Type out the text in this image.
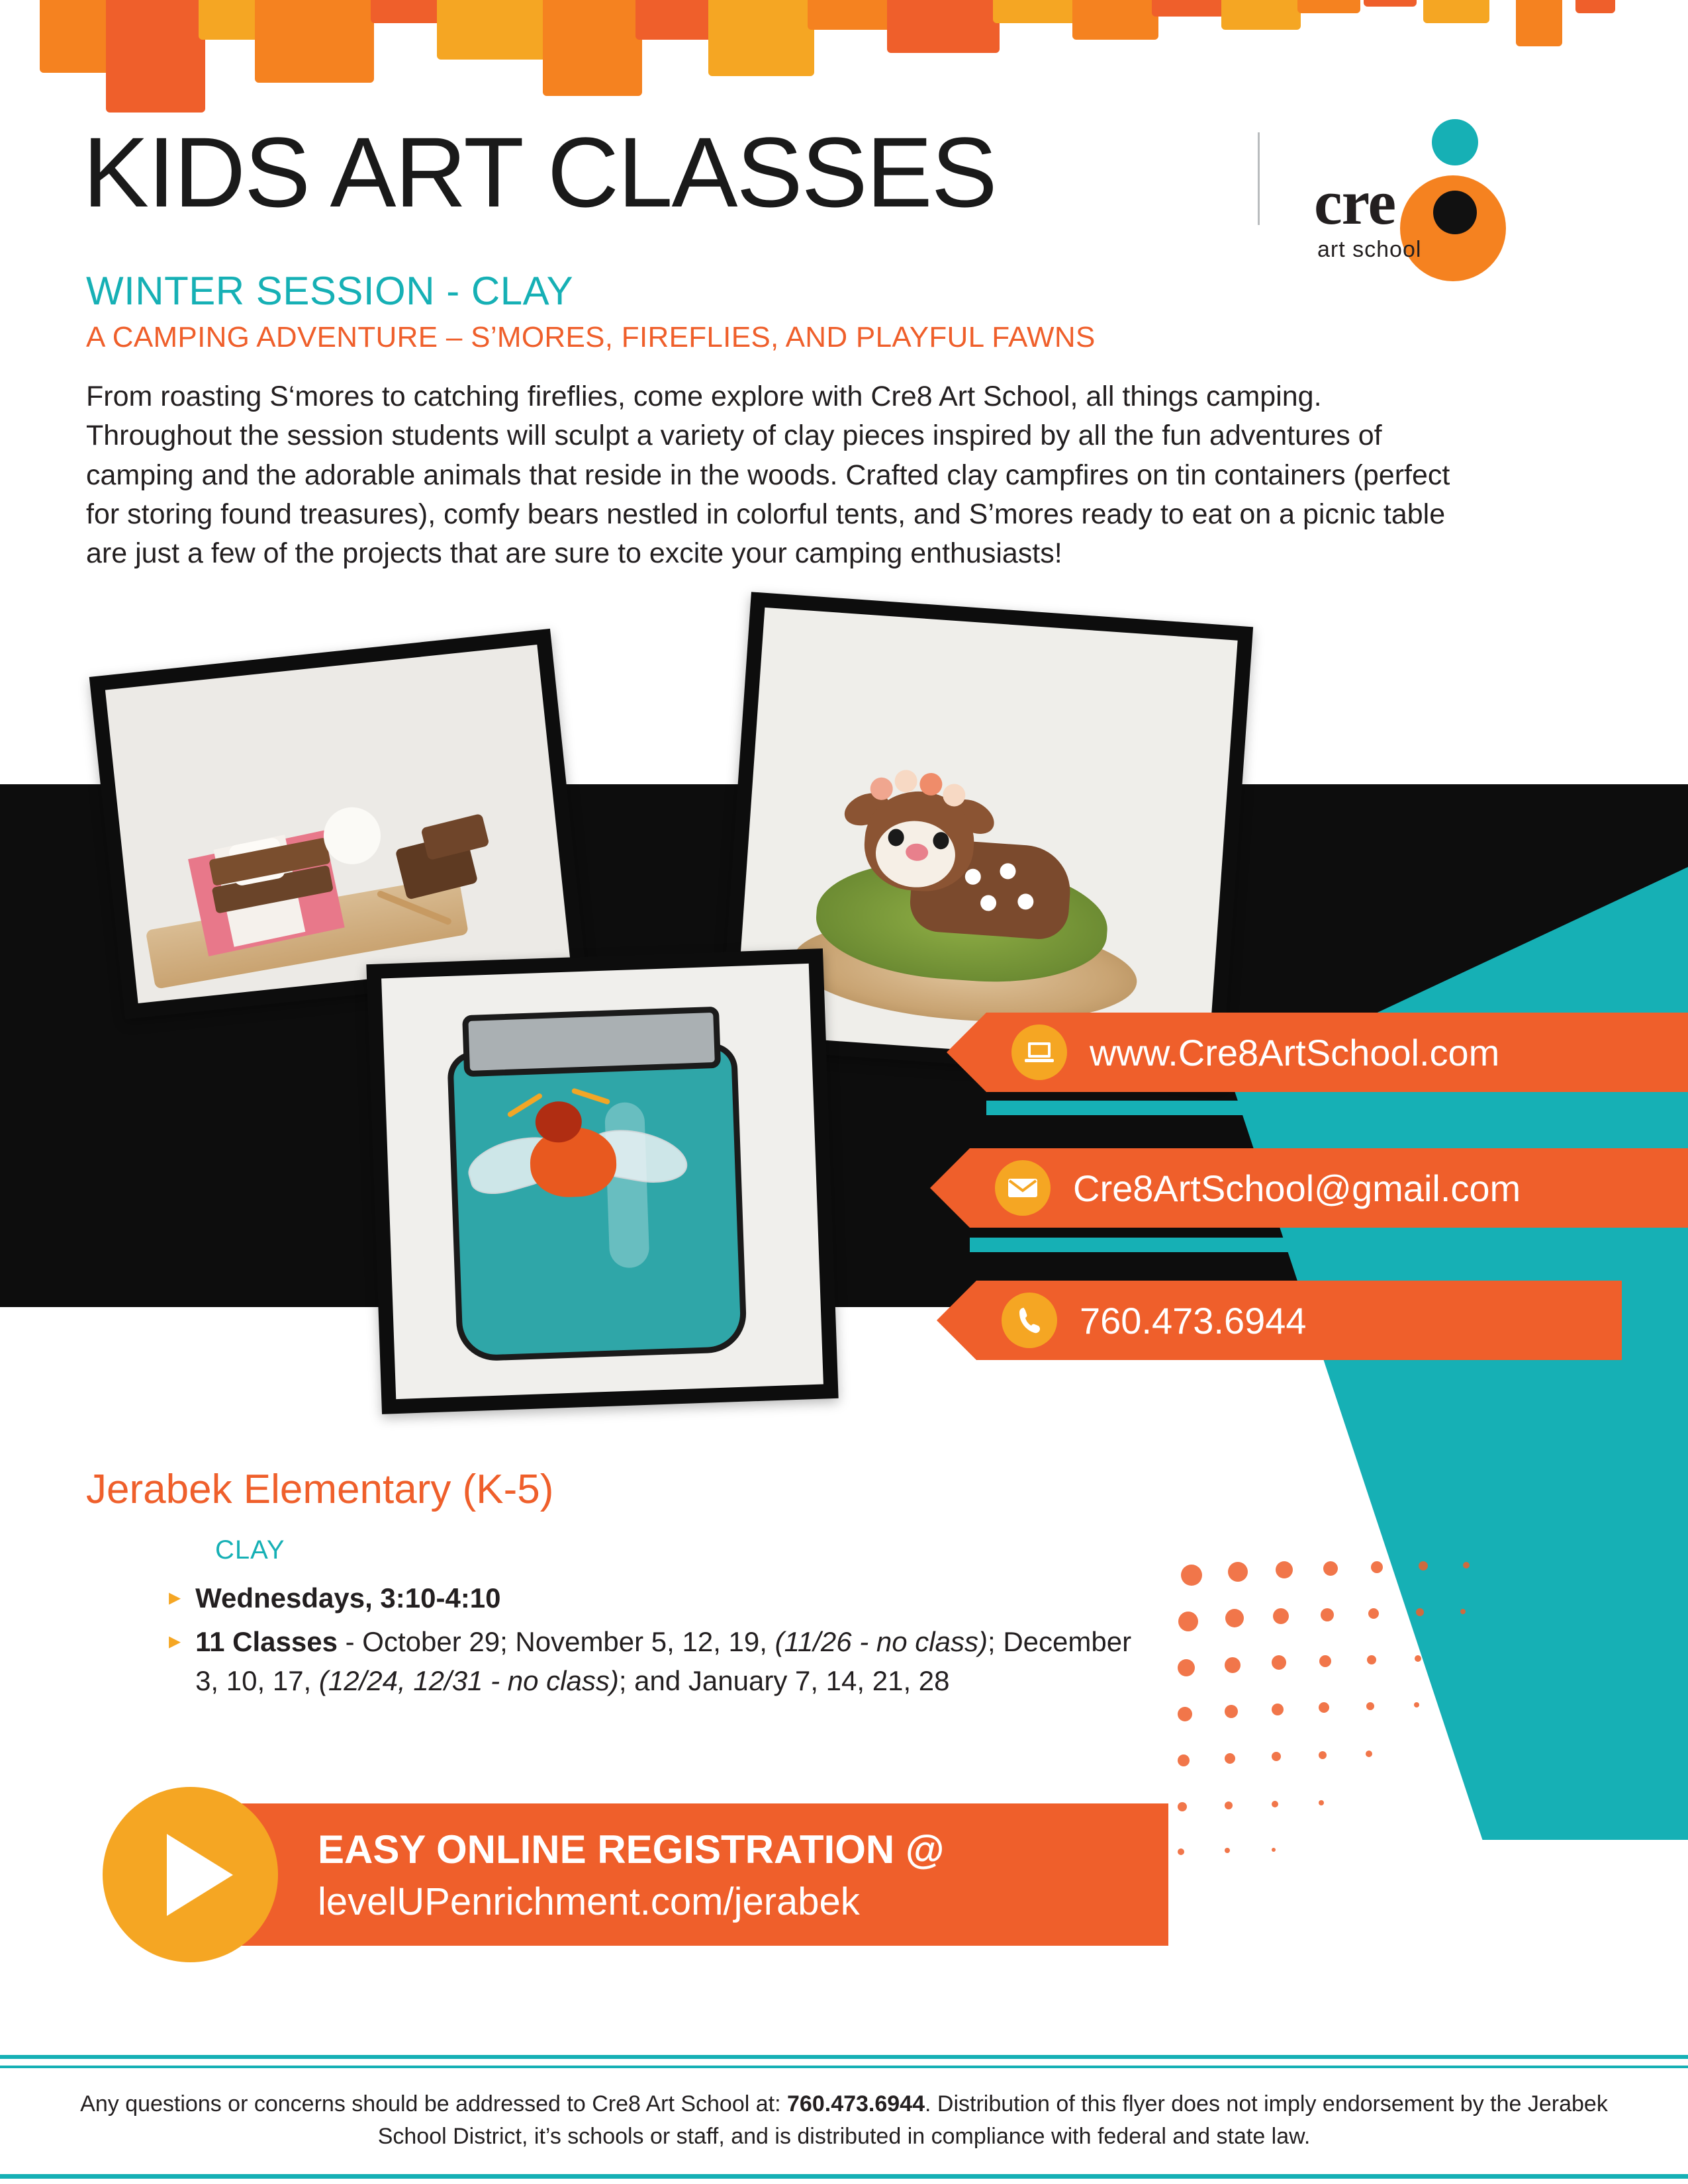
KIDS ART CLASSES	cre
art school
WINTER SESSION - CLAY
A CAMPING ADVENTURE – S’MORES, FIREFLIES, AND PLAYFUL FAWNS
From roasting S‘mores to catching fireflies, come explore with Cre8 Art School, all things camping. Throughout the session students will sculpt a variety of clay pieces inspired by all the fun adventures of camping and the adorable animals that reside in the woods. Crafted clay campfires on tin containers (perfect for storing found treasures), comfy bears nestled in colorful tents, and S’mores ready to eat on a picnic table are just a few of the projects that are sure to excite your camping enthusiasts!
www.Cre8ArtSchool.com
Cre8ArtSchool@gmail.com
760.473.6944
Jerabek Elementary (K-5)
CLAY
▸ Wednesdays, 3:10-4:10
▸ 11 Classes - October 29; November 5, 12, 19, (11/26 - no class); December 3, 10, 17, (12/24, 12/31 - no class); and January 7, 14, 21, 28
EASY ONLINE REGISTRATION @
levelUPenrichment.com/jerabek
Any questions or concerns should be addressed to Cre8 Art School at: 760.473.6944. Distribution of this flyer does not imply endorsement by the Jerabek School District, it’s schools or staff, and is distributed in compliance with federal and state law.
